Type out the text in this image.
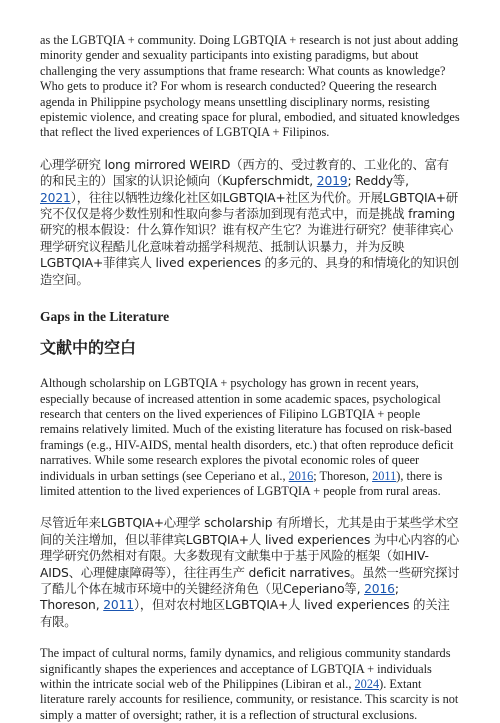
as the LGBTQIA + community. Doing LGBTQIA + research is not just about adding minority gender and sexuality participants into existing paradigms, but about challenging the very assumptions that frame research: What counts as knowledge? Who gets to produce it? For whom is research conducted? Queering the research agenda in Philippine psychology means unsettling disciplinary norms, resisting epistemic violence, and creating space for plural, embodied, and situated knowledges that reflect the lived experiences of LGBTQIA + Filipinos.

心理学研究 long mirrored WEIRD（西方的、受过教育的、工业化的、富有的和民主的）国家的认识论倾向（Kupferschmidt, 2019; Reddy等, 2021），往往以牺牲边缘化社区如LGBTQIA+社区为代价。开展LGBTQIA+研究不仅仅是将少数性别和性取向参与者添加到现有范式中，而是挑战 framing 研究的根本假设：什么算作知识？谁有权产生它？为谁进行研究？使菲律宾心理学研究议程酷儿化意味着动摇学科规范、抵制认识暴力，并为反映LGBTQIA+菲律宾人 lived experiences 的多元的、具身的和情境化的知识创造空间。

Gaps in the Literature
文献中的空白

Although scholarship on LGBTQIA + psychology has grown in recent years, especially because of increased attention in some academic spaces, psychological research that centers on the lived experiences of Filipino LGBTQIA + people remains relatively limited. Much of the existing literature has focused on risk-based framings (e.g., HIV-AIDS, mental health disorders, etc.) that often reproduce deficit narratives. While some research explores the pivotal economic roles of queer individuals in urban settings (see Ceperiano et al., 2016; Thoreson, 2011), there is limited attention to the lived experiences of LGBTQIA + people from rural areas.

尽管近年来LGBTQIA+心理学 scholarship 有所增长，尤其是由于某些学术空间的关注增加，但以菲律宾LGBTQIA+人 lived experiences 为中心内容的心理学研究仍然相对有限。大多数现有文献集中于基于风险的框架（如HIV-AIDS、心理健康障碍等），往往再生产 deficit narratives。虽然一些研究探讨了酷儿个体在城市环境中的关键经济角色（见Ceperiano等, 2016; Thoreson, 2011），但对农村地区LGBTQIA+人 lived experiences 的关注有限。

The impact of cultural norms, family dynamics, and religious community standards significantly shapes the experiences and acceptance of LGBTQIA + individuals within the intricate social web of the Philippines (Libiran et al., 2024). Extant literature rarely accounts for resilience, community, or resistance. This scarcity is not simply a matter of oversight; rather, it is a reflection of structural exclusions.
